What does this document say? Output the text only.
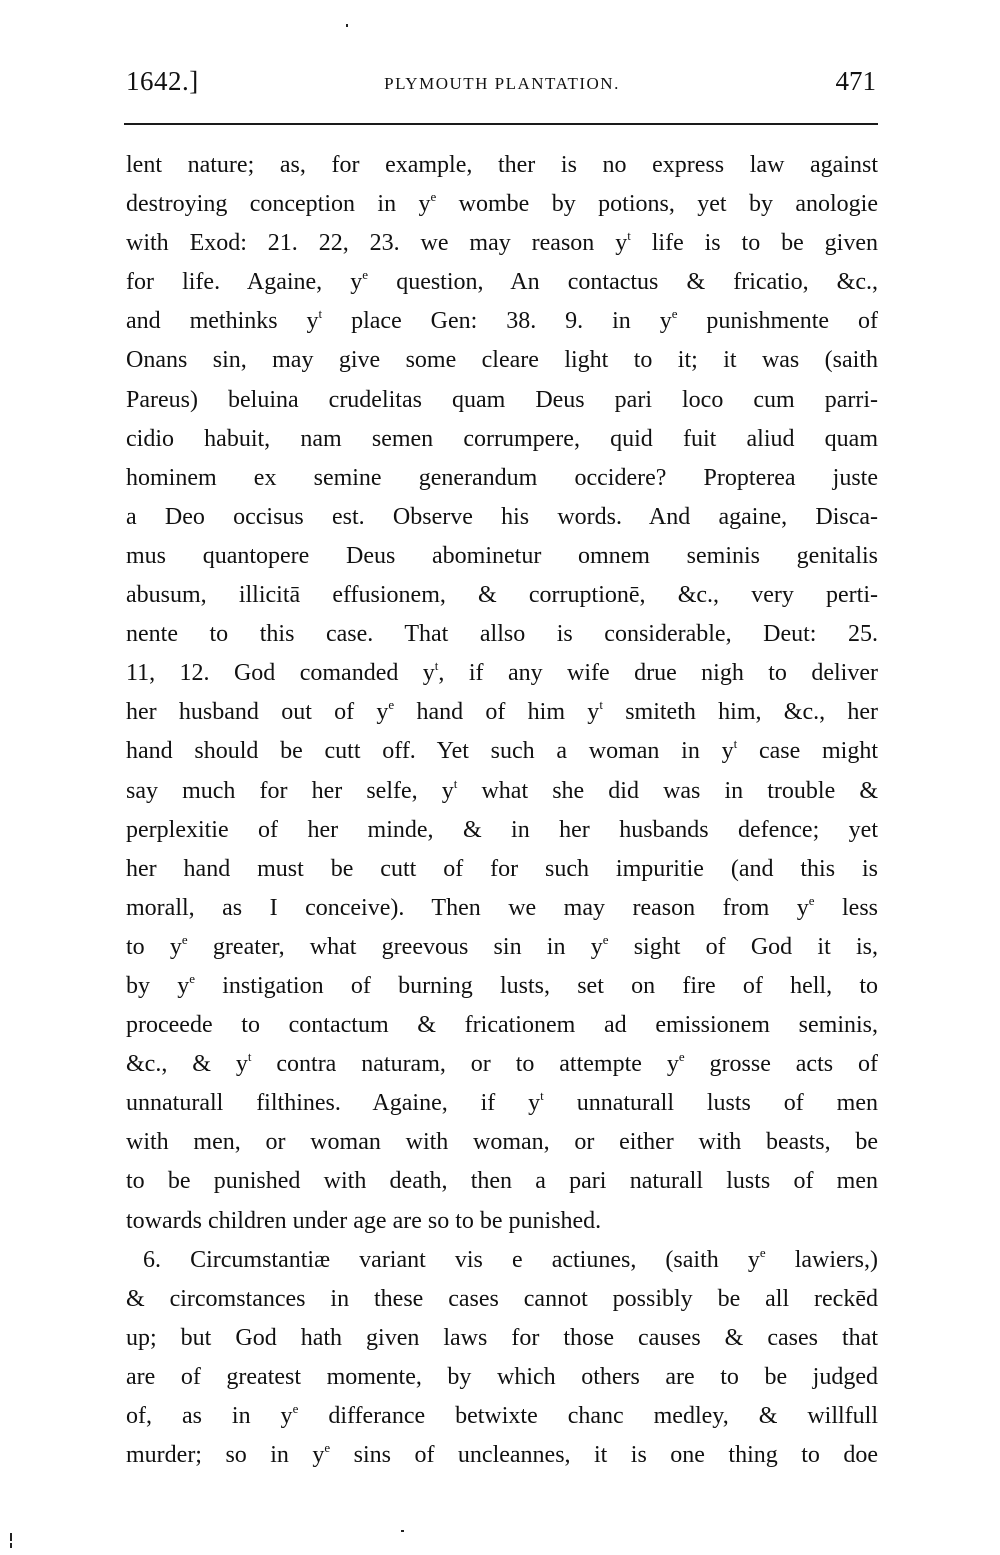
1642.]	PLYMOUTH PLANTATION.	471
lent nature; as, for example, ther is no express law against
destroying conception in $y^e$ wombe by potions, yet by anologie
with Exod: 21. 22, 23. we may reason $y^t$ life is to be given
for life. Againe, $y^e$ question, An contactus & fricatio, &c.,
and methinks $y^t$ place Gen: 38. 9. in $y^e$ punishmente of
Onans sin, may give some cleare light to it; it was (saith
Pareus) beluina crudelitas quam Deus pari loco cum parri-
cidio habuit, nam semen corrumpere, quid fuit aliud quam
hominem ex semine generandum occidere? Propterea juste
a Deo occisus est. Observe his words. And againe, Disca-
mus quantopere Deus abominetur omnem seminis genitalis
abusum, illicitā effusionem, & corruptionē, &c., very perti-
nente to this case. That allso is considerable, Deut: 25.
11, 12. God comanded $y^t$, if any wife drue nigh to deliver
her husband out of $y^e$ hand of him $y^t$ smiteth him, &c., her
hand should be cutt off. Yet such a woman in $y^t$ case might
say much for her selfe, $y^t$ what she did was in trouble &
perplexitie of her minde, & in her husbands defence; yet
her hand must be cutt of for such impuritie (and this is
morall, as I conceive). Then we may reason from $y^e$ less
to $y^e$ greater, what greevous sin in $y^e$ sight of God it is,
by $y^e$ instigation of burning lusts, set on fire of hell, to
proceede to contactum & fricationem ad emissionem seminis,
&c., & $y^t$ contra naturam, or to attempte $y^e$ grosse acts of
unnaturall filthines. Againe, if $y^t$ unnaturall lusts of men
with men, or woman with woman, or either with beasts, be
to be punished with death, then a pari naturall lusts of men
towards children under age are so to be punished.
6. Circumstantiæ variant vis e actiunes, (saith $y^e$ lawiers,)
& circomstances in these cases cannot possibly be all reckēd
up; but God hath given laws for those causes & cases that
are of greatest momente, by which others are to be judged
of, as in $y^e$ differance betwixte chanc medley, & willfull
murder; so in $y^e$ sins of uncleannes, it is one thing to doe
